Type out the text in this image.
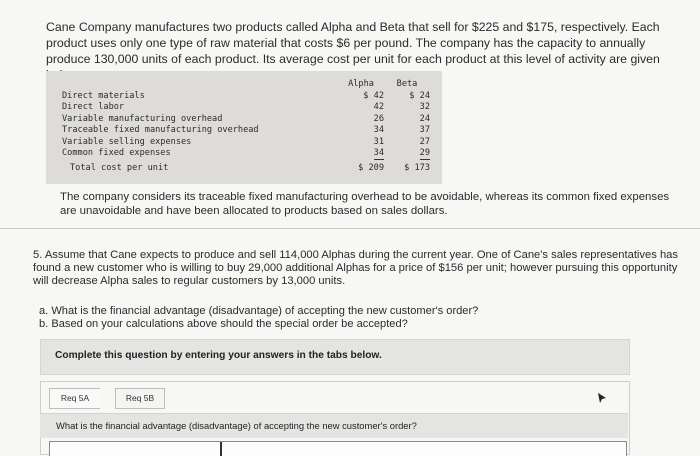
Cane Company manufactures two products called Alpha and Beta that sell for $225 and $175, respectively. Each product uses only one type of raw material that costs $6 per pound. The company has the capacity to annually produce 130,000 units of each product. Its average cost per unit for each product at this level of activity are given

	Alpha	Beta
Direct materials	$ 42	$ 24
Direct labor	42	32
Variable manufacturing overhead	26	24
Traceable fixed manufacturing overhead	34	37
Variable selling expenses	31	27
Common fixed expenses	34	29
Total cost per unit	$ 209	$ 173

The company considers its traceable fixed manufacturing overhead to be avoidable, whereas its common fixed expenses are unavoidable and have been allocated to products based on sales dollars.

5. Assume that Cane expects to produce and sell 114,000 Alphas during the current year. One of Cane's sales representatives has found a new customer who is willing to buy 29,000 additional Alphas for a price of $156 per unit; however pursuing this opportunity will decrease Alpha sales to regular customers by 13,000 units.

a. What is the financial advantage (disadvantage) of accepting the new customer's order?
b. Based on your calculations above should the special order be accepted?
Complete this question by entering your answers in the tabs below.
Req 5A	Req 5B
What is the financial advantage (disadvantage) of accepting the new customer's order?
